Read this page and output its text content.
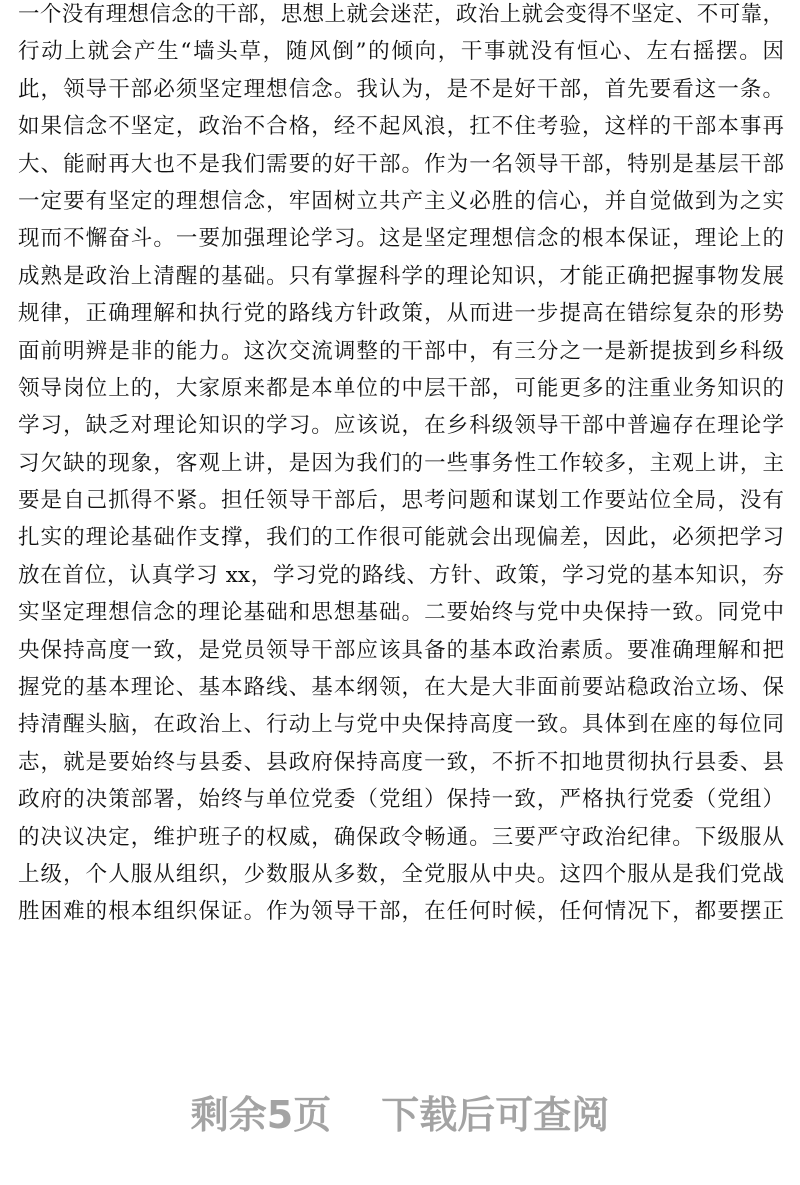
一个没有理想信念的干部，思想上就会迷茫，政治上就会变得不坚定、不可靠，
行动上就会产生“墙头草，随风倒”的倾向，干事就没有恒心、左右摇摆。因
此，领导干部必须坚定理想信念。我认为，是不是好干部，首先要看这一条。
如果信念不坚定，政治不合格，经不起风浪，扛不住考验，这样的干部本事再
大、能耐再大也不是我们需要的好干部。作为一名领导干部，特别是基层干部
一定要有坚定的理想信念，牢固树立共产主义必胜的信心，并自觉做到为之实
现而不懈奋斗。一要加强理论学习。这是坚定理想信念的根本保证，理论上的
成熟是政治上清醒的基础。只有掌握科学的理论知识，才能正确把握事物发展
规律，正确理解和执行党的路线方针政策，从而进一步提高在错综复杂的形势
面前明辨是非的能力。这次交流调整的干部中，有三分之一是新提拔到乡科级
领导岗位上的，大家原来都是本单位的中层干部，可能更多的注重业务知识的
学习，缺乏对理论知识的学习。应该说，在乡科级领导干部中普遍存在理论学
习欠缺的现象，客观上讲，是因为我们的一些事务性工作较多，主观上讲，主
要是自己抓得不紧。担任领导干部后，思考问题和谋划工作要站位全局，没有
扎实的理论基础作支撑，我们的工作很可能就会出现偏差，因此，必须把学习
放在首位，认真学习 xx，学习党的路线、方针、政策，学习党的基本知识，夯
实坚定理想信念的理论基础和思想基础。二要始终与党中央保持一致。同党中
央保持高度一致，是党员领导干部应该具备的基本政治素质。要准确理解和把
握党的基本理论、基本路线、基本纲领，在大是大非面前要站稳政治立场、保
持清醒头脑，在政治上、行动上与党中央保持高度一致。具体到在座的每位同
志，就是要始终与县委、县政府保持高度一致，不折不扣地贯彻执行县委、县
政府的决策部署，始终与单位党委（党组）保持一致，严格执行党委（党组）
的决议决定，维护班子的权威，确保政令畅通。三要严守政治纪律。下级服从
上级，个人服从组织，少数服从多数，全党服从中央。这四个服从是我们党战
胜困难的根本组织保证。作为领导干部，在任何时候，任何情况下，都要摆正
剩余5页 下载后可查阅
